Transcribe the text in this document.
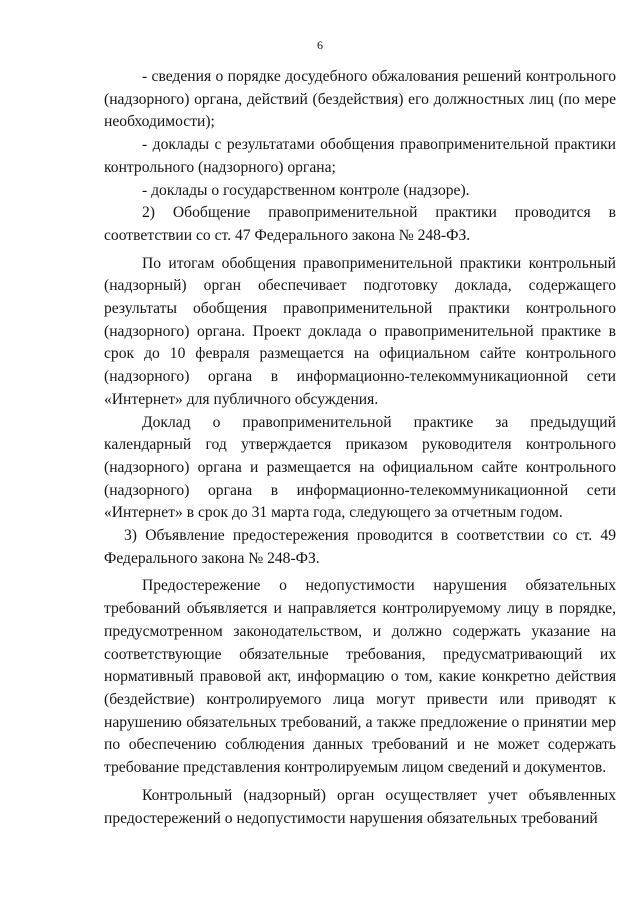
6

- сведения о порядке досудебного обжалования решений контрольного (надзорного) органа, действий (бездействия) его должностных лиц (по мере необходимости);

- доклады с результатами обобщения правоприменительной практики контрольного (надзорного) органа;

- доклады о государственном контроле (надзоре).

2) Обобщение правоприменительной практики проводится в соответствии со ст. 47 Федерального закона № 248-ФЗ.

По итогам обобщения правоприменительной практики контрольный (надзорный) орган обеспечивает подготовку доклада, содержащего результаты обобщения правоприменительной практики контрольного (надзорного) органа. Проект доклада о правоприменительной практике в срок до 10 февраля размещается на официальном сайте контрольного (надзорного) органа в информационно-телекоммуникационной сети «Интернет» для публичного обсуждения.

Доклад о правоприменительной практике за предыдущий календарный год утверждается приказом руководителя контрольного (надзорного) органа и размещается на официальном сайте контрольного (надзорного) органа в информационно-телекоммуникационной сети «Интернет» в срок до 31 марта года, следующего за отчетным годом.

3) Объявление предостережения проводится в соответствии со ст. 49 Федерального закона № 248-ФЗ.

Предостережение о недопустимости нарушения обязательных требований объявляется и направляется контролируемому лицу в порядке, предусмотренном законодательством, и должно содержать указание на соответствующие обязательные требования, предусматривающий их нормативный правовой акт, информацию о том, какие конкретно действия (бездействие) контролируемого лица могут привести или приводят к нарушению обязательных требований, а также предложение о принятии мер по обеспечению соблюдения данных требований и не может содержать требование представления контролируемым лицом сведений и документов.

Контрольный (надзорный) орган осуществляет учет объявленных предостережений о недопустимости нарушения обязательных требований
